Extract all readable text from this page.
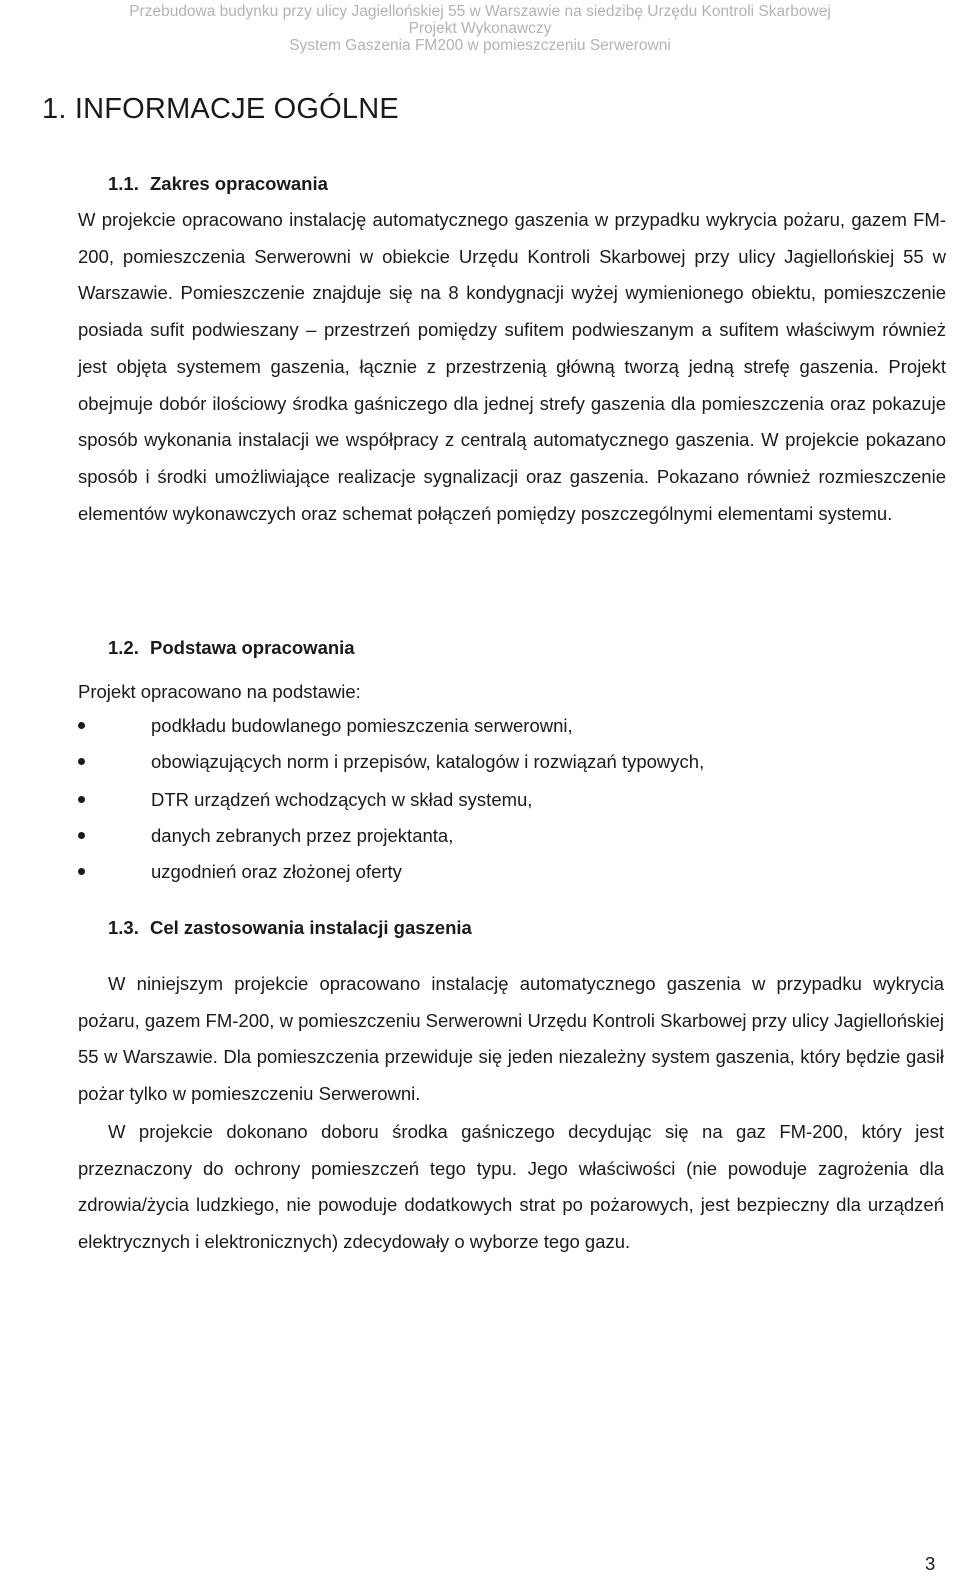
Przebudowa budynku przy ulicy Jagiellońskiej 55 w Warszawie na siedzibę Urzędu Kontroli Skarbowej
Projekt Wykonawczy
System Gaszenia FM200 w pomieszczeniu Serwerowni
1. INFORMACJE OGÓLNE
1.1. Zakres opracowania

W projekcie opracowano instalację automatycznego gaszenia w przypadku wykrycia pożaru, gazem FM-200, pomieszczenia Serwerowni w obiekcie Urzędu Kontroli Skarbowej przy ulicy Jagiellońskiej 55 w Warszawie. Pomieszczenie znajduje się na 8 kondygnacji wyżej wymienionego obiektu, pomieszczenie posiada sufit podwieszany – przestrzeń pomiędzy sufitem podwieszanym a sufitem właściwym również jest objęta systemem gaszenia, łącznie z przestrzenią główną tworzą jedną strefę gaszenia. Projekt obejmuje dobór ilościowy środka gaśniczego dla jednej strefy gaszenia dla pomieszczenia oraz pokazuje sposób wykonania instalacji we współpracy z centralą automatycznego gaszenia. W projekcie pokazano sposób i środki umożliwiające realizacje sygnalizacji oraz gaszenia. Pokazano również rozmieszczenie elementów wykonawczych oraz schemat połączeń pomiędzy poszczególnymi elementami systemu.

1.2. Podstawa opracowania
Projekt opracowano na podstawie:
podkładu budowlanego pomieszczenia serwerowni,
obowiązujących norm i przepisów, katalogów i rozwiązań typowych,
DTR urządzeń wchodzących w skład systemu,
danych zebranych przez projektanta,
uzgodnień oraz złożonej oferty
1.3. Cel zastosowania instalacji gaszenia

W niniejszym projekcie opracowano instalację automatycznego gaszenia w przypadku wykrycia pożaru, gazem FM-200, w pomieszczeniu Serwerowni Urzędu Kontroli Skarbowej przy ulicy Jagiellońskiej 55 w Warszawie. Dla pomieszczenia przewiduje się jeden niezależny system gaszenia, który będzie gasił pożar tylko w pomieszczeniu Serwerowni.

W projekcie dokonano doboru środka gaśniczego decydując się na gaz FM-200, który jest przeznaczony do ochrony pomieszczeń tego typu. Jego właściwości (nie powoduje zagrożenia dla zdrowia/życia ludzkiego, nie powoduje dodatkowych strat po pożarowych, jest bezpieczny dla urządzeń elektrycznych i elektronicznych) zdecydowały o wyborze tego gazu.

3
